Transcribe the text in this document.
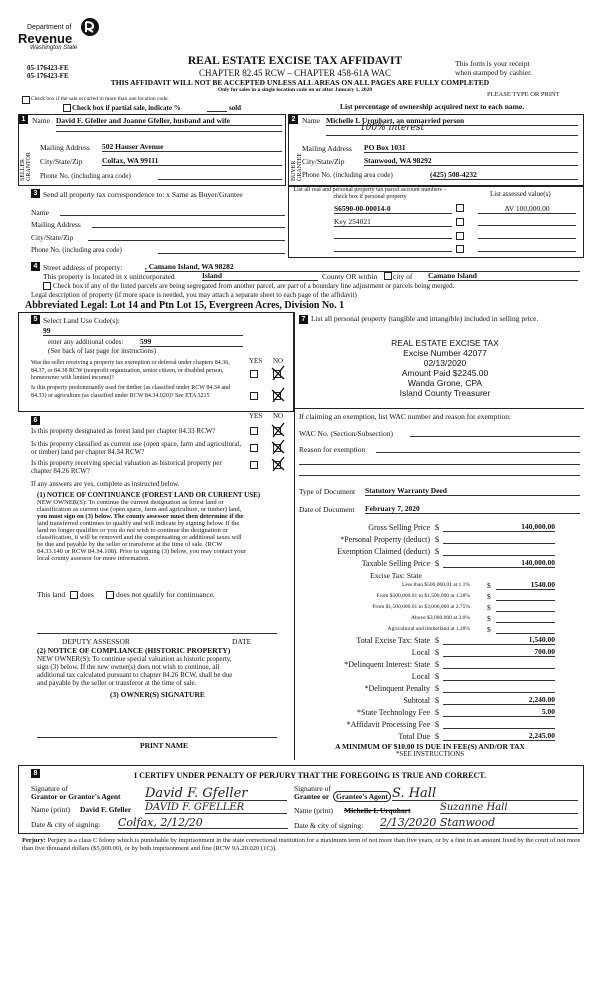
Department of
Revenue
Washington State
05-176423-FE
05-176423-FE
REAL ESTATE EXCISE TAX AFFIDAVIT
CHAPTER 82.45 RCW – CHAPTER 458-61A WAC
THIS AFFIDAVIT WILL NOT BE ACCEPTED UNLESS ALL AREAS ON ALL PAGES ARE FULLY COMPLETED
Only for sales in a single location code on or after January 1, 2020
This form is your receipt
when stamped by cashier.
PLEASE TYPE OR PRINT
Check box if the sale occurred in more than one location code.
Check box if partial sale, indicate %	sold	List percentage of ownership acquired next to each name.
1
SELLER GRANTOR
Name David F. Gfeller and Joanne Gfeller, husband and wife
Mailing Address 502 Hauser Avenue
City/State/Zip	Colfax, WA 99111
Phone No. (including area code)
2
BUYER GRANTEE
Name Michelle L Urquhart, an unmarried person
100% interest
Mailing Address PO Box 1031
City/State/Zip	Stanwood, WA 98292
Phone No. (including area code)	(425) 508-4232
3 Send all property tax correspondence to: x Same as Buyer/Grantee
Name
Mailing Address
City/State/Zip
Phone No. (including area code)
List all real and personal property tax parcel account numbers – check box if personal property	List assessed value(s)
S6590-00-00014-0	AV 100,000.00
Key 254021
4 Street address of property:	, Camano Island, WA 98282
This property is located in x unincorporated	Island	County OR within city of Camano Island
Check box if any of the listed parcels are being segregated from another parcel, are part of a boundary line adjustment or parcels being merged.
Legal description of property (if more space is needed, you may attach a separate sheet to each page of the affidavit)
Abbreviated Legal: Lot 14 and Ptn Lot 15, Evergreen Acres, Division No. 1
5 Select Land Use Code(s):
99
enter any additional codes: 599
(See back of last page for instructions)
YES NO
Was the seller receiving a property tax exemption or deferral under chapters 84.36, 84.37, or 84.38 RCW (nonprofit organization, senior citizen, or disabled person, homeowner with limited income)?
Is this property predominantly used for timber (as classified under RCW 84.34 and 84.33) or agriculture (as classified under RCW 84.34.020)? See ETA 3215
6
YES NO
Is this property designated as forest land per chapter 84.33 RCW?
Is this property classified as current use (open space, farm and agricultural, or timber) land per chapter 84.34 RCW?
Is this property receiving special valuation as historical property per chapter 84.26 RCW?
If any answers are yes, complete as instructed below.
(1) NOTICE OF CONTINUANCE (FOREST LAND OR CURRENT USE)
NEW OWNER(S): To continue the current designation as forest land or
classification as current use (open space, farm and agriculture, or timber) land,
you must sign on (3) below. The county assessor must then determine if the
land transferred continues to qualify and will indicate by signing below. If the
land no longer qualifies or you do not wish to continue the designation or
classification, it will be removed and the compensating or additional taxes will
be due and payable by the seller or transferor at the time of sale. (RCW
84.33.140 or RCW 84.34.108). Prior to signing (3) below, you may contact your
local county assessor for more information.
This land does	does not qualify for continuance.
DEPUTY ASSESSOR	DATE
(2) NOTICE OF COMPLIANCE (HISTORIC PROPERTY)
NEW OWNER(S): To continue special valuation as historic property,
sign (3) below. If the new owner(s) does not wish to continue, all
additional tax calculated pursuant to chapter 84.26 RCW, shall be due
and payable by the seller or transferor at the time of sale.
(3) OWNER(S) SIGNATURE
PRINT NAME
7 List all personal property (tangible and intangible) included in selling price.
REAL ESTATE EXCISE TAX
Excise Number 42077
02/13/2020
Amount Paid $2245.00
Wanda Grone, CPA
Island County Treasurer
If claiming an exemption, list WAC number and reason for exemption:
WAC No. (Section/Subsection)
Reason for exemption
Type of Document Statutory Warranty Deed
Date of Document February 7, 2020
Gross Selling Price $	140,000.00
*Personal Property (deduct) $
Exemption Claimed (deduct) $
Taxable Selling Price $	140,000.00
Excise Tax: State
Less than $500,000.01 at 1.1% $	1540.00
From $500,000.01 to $1,500,000 at 1.28% $
From $1,500,000.01 to $3,000,000 at 2.75% $
Above $3,000,000 at 3.0% $
Agricultural and timberland at 1.28% $
Total Excise Tax: State $	1,540.00
Local $	700.00
*Delinquent Interest: State $
Local $
*Delinquent Penalty $
Subtotal $	2,240.00
*State Technology Fee $	5.00
*Affidavit Processing Fee $
Total Due $	2,245.00
A MINIMUM OF $10.00 IS DUE IN FEE(S) AND/OR TAX
*SEE INSTRUCTIONS
8	I CERTIFY UNDER PENALTY OF PERJURY THAT THE FOREGOING IS TRUE AND CORRECT.
Signature of
Grantor or Grantor's Agent David F. Gfeller	Signature of
Grantee or Grantee's Agent S. Hall
Name (print) David F. Gfeller DAVID F. GFELLER	Name (print) Michelle L Urquhart	Suzanne Hall
Date & city of signing: Colfax, 2/12/20	Date & city of signing: 2/13/2020 Stanwood
Perjury: Perjury is a class C felony which is punishable by imprisonment in the state correctional institution for a maximum term of not more than five years, or by a fine in an amount fixed by the court of not more than five thousand dollars ($5,000.00), or by both imprisonment and fine (RCW 9A.20.020 (1C)).
